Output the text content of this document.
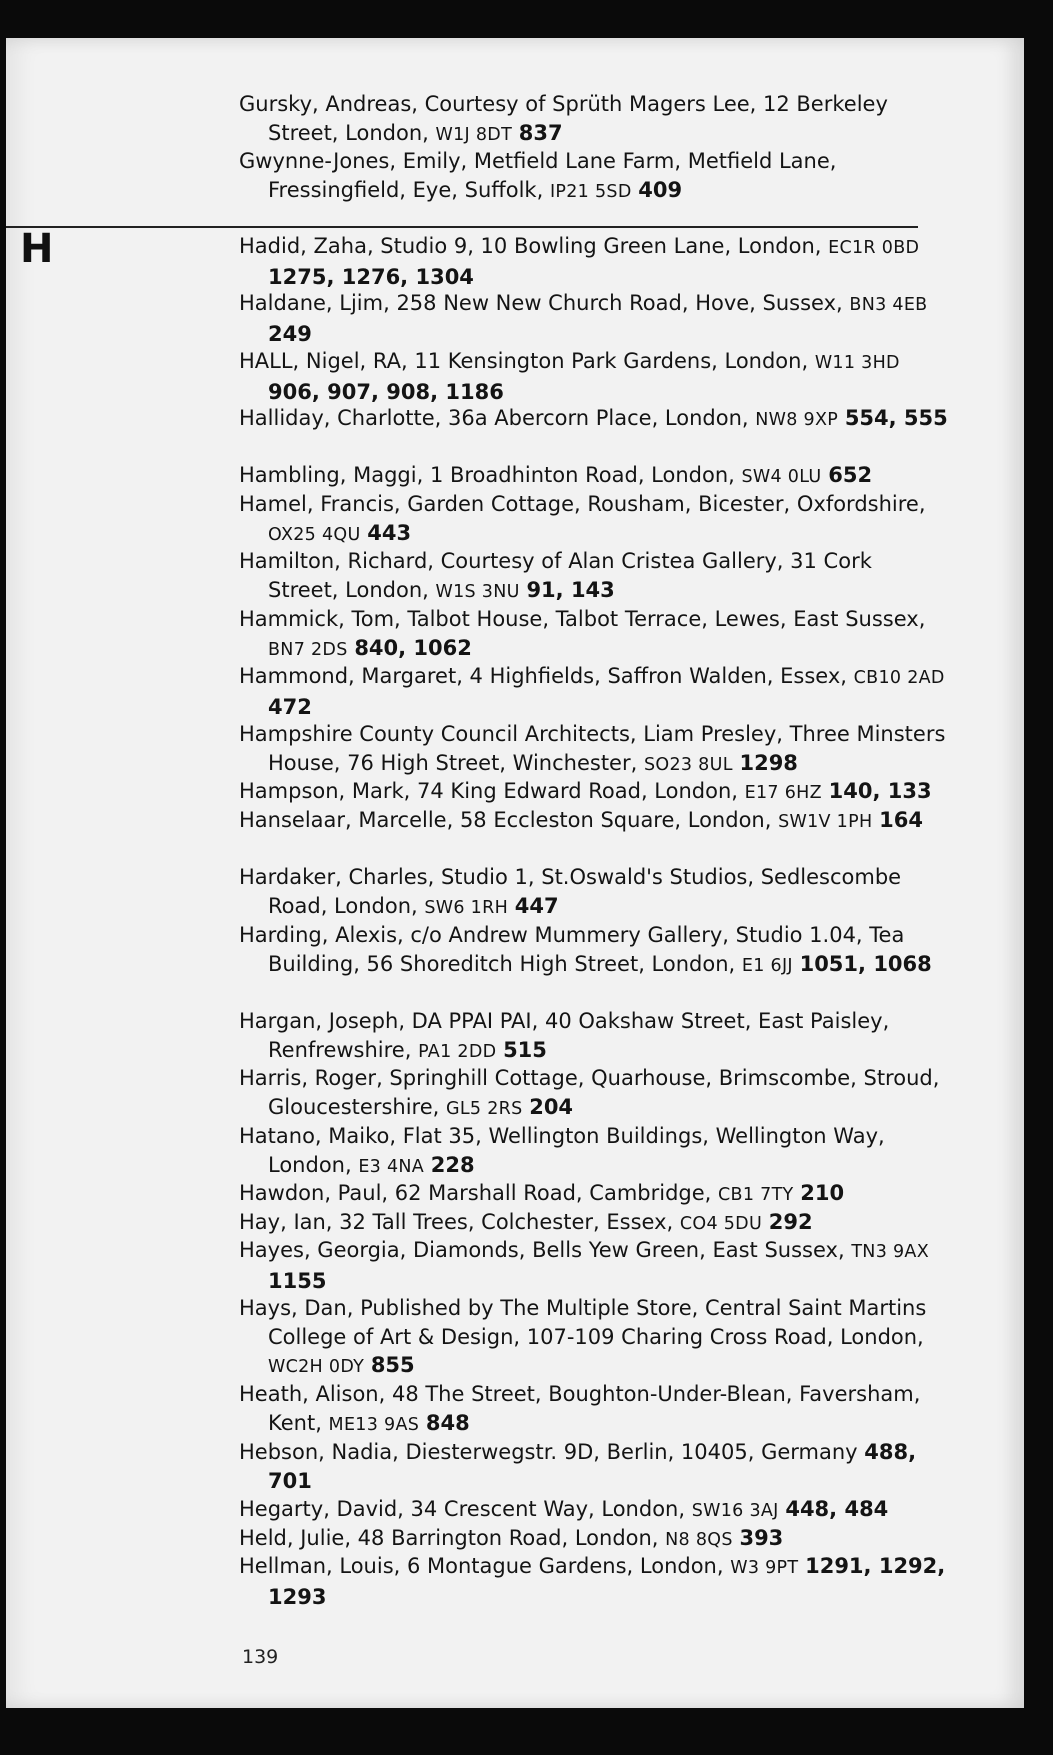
H
Gursky, Andreas, Courtesy of Sprüth Magers Lee, 12 Berkeley Street, London, W1J 8DT 837
Gwynne-Jones, Emily, Metfield Lane Farm, Metfield Lane, Fressingfield, Eye, Suffolk, IP21 5SD 409
Hadid, Zaha, Studio 9, 10 Bowling Green Lane, London, EC1R 0BD 1275, 1276, 1304
Haldane, Ljim, 258 New New Church Road, Hove, Sussex, BN3 4EB 249
HALL, Nigel, RA, 11 Kensington Park Gardens, London, W11 3HD 906, 907, 908, 1186
Halliday, Charlotte, 36a Abercorn Place, London, NW8 9XP 554, 555
Hambling, Maggi, 1 Broadhinton Road, London, SW4 0LU 652
Hamel, Francis, Garden Cottage, Rousham, Bicester, Oxfordshire, OX25 4QU 443
Hamilton, Richard, Courtesy of Alan Cristea Gallery, 31 Cork Street, London, W1S 3NU 91, 143
Hammick, Tom, Talbot House, Talbot Terrace, Lewes, East Sussex, BN7 2DS 840, 1062
Hammond, Margaret, 4 Highfields, Saffron Walden, Essex, CB10 2AD 472
Hampshire County Council Architects, Liam Presley, Three Minsters House, 76 High Street, Winchester, SO23 8UL 1298
Hampson, Mark, 74 King Edward Road, London, E17 6HZ 140, 133
Hanselaar, Marcelle, 58 Eccleston Square, London, SW1V 1PH 164
Hardaker, Charles, Studio 1, St.Oswald's Studios, Sedlescombe Road, London, SW6 1RH 447
Harding, Alexis, c/o Andrew Mummery Gallery, Studio 1.04, Tea Building, 56 Shoreditch High Street, London, E1 6JJ 1051, 1068
Hargan, Joseph, DA PPAI PAI, 40 Oakshaw Street, East Paisley, Renfrewshire, PA1 2DD 515
Harris, Roger, Springhill Cottage, Quarhouse, Brimscombe, Stroud, Gloucestershire, GL5 2RS 204
Hatano, Maiko, Flat 35, Wellington Buildings, Wellington Way, London, E3 4NA 228
Hawdon, Paul, 62 Marshall Road, Cambridge, CB1 7TY 210
Hay, Ian, 32 Tall Trees, Colchester, Essex, CO4 5DU 292
Hayes, Georgia, Diamonds, Bells Yew Green, East Sussex, TN3 9AX 1155
Hays, Dan, Published by The Multiple Store, Central Saint Martins College of Art & Design, 107-109 Charing Cross Road, London, WC2H 0DY 855
Heath, Alison, 48 The Street, Boughton-Under-Blean, Faversham, Kent, ME13 9AS 848
Hebson, Nadia, Diesterwegstr. 9D, Berlin, 10405, Germany 488, 701
Hegarty, David, 34 Crescent Way, London, SW16 3AJ 448, 484
Held, Julie, 48 Barrington Road, London, N8 8QS 393
Hellman, Louis, 6 Montague Gardens, London, W3 9PT 1291, 1292, 1293
139
